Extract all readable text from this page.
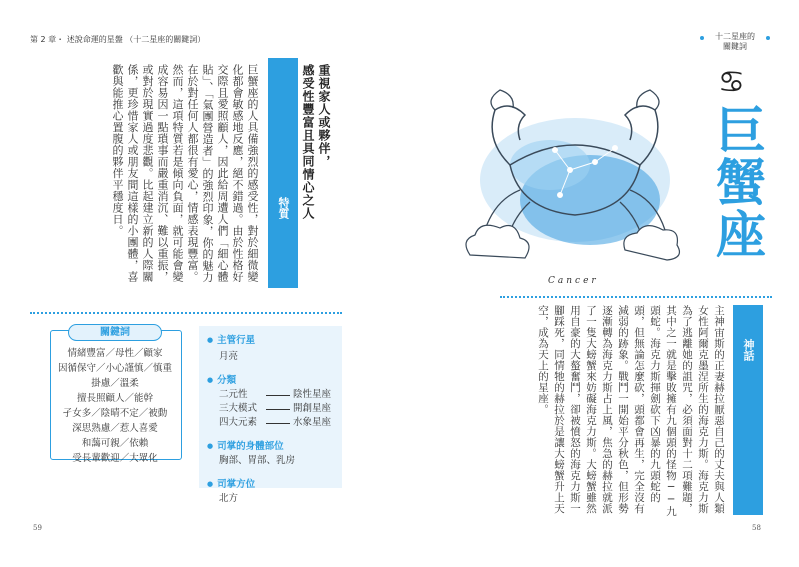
第 2 章・ 述說命運的星盤 （十二星座的關鍵詞）	十二星座的
關鍵詞
特質
重視家人或夥伴，
感受性豐富且具同情心之人
巨蟹座的人具備強烈的感受性，對於細微變化都會敏感地反應，絕不錯過。由於性格好交際且愛照顧人，因此給周遭人們「細心體貼」、「氣團營造者」的強烈印象，你的魅力在於對任何人都很有愛心，情感表現豐富。然而，這項特質若是傾向負面，就可能會變成容易因一點瑣事而嚴重消沉、難以重振，或對於現實過度悲觀。比起建立新的人際關係，更珍惜家人或朋友間這樣的小團體，喜歡與能推心置腹的夥伴平穩度日。
關鍵詞
情緒豐富／母性／顧家
因循保守／小心謹慎／慎重
掛慮／溫柔
擅長照顧人／能幹
孑女多／陰晴不定／被動
深思熟慮／惹人喜愛
和藹可親／依賴
受長輩歡迎／大眾化
● 主管行星
月亮
● 分類
二元性	陰性星座
三大模式	開創星座
四大元素	水象星座
● 司掌的身體部位
胸部、胃部、乳房
● 司掌方位
北方
59
Cancer
♋
巨蟹座
神話
主神宙斯的正妻赫拉厭惡自己的丈夫與人類女性阿爾克墨涅所生的海克力斯。海克力斯為了逃離她的詛咒，必須面對十二項難題，其中之一就是擊敗擁有九個頭的怪物──九頭蛇。海克力斯揮劍砍下凶暴的九頭蛇的頭，但無論怎麼砍，頭都會再生，完全沒有減弱的跡象。戰鬥一開始平分秋色，但形勢逐漸轉為海克力斯占上風，焦急的赫拉就派了一隻大螃蟹來妨礙海克力斯。大螃蟹雖然用自豪的大螯奮鬥，卻被憤怒的海克力斯一腳踩死，同情牠的赫拉於是讓大螃蟹升上天空，成為天上的星座。
58
